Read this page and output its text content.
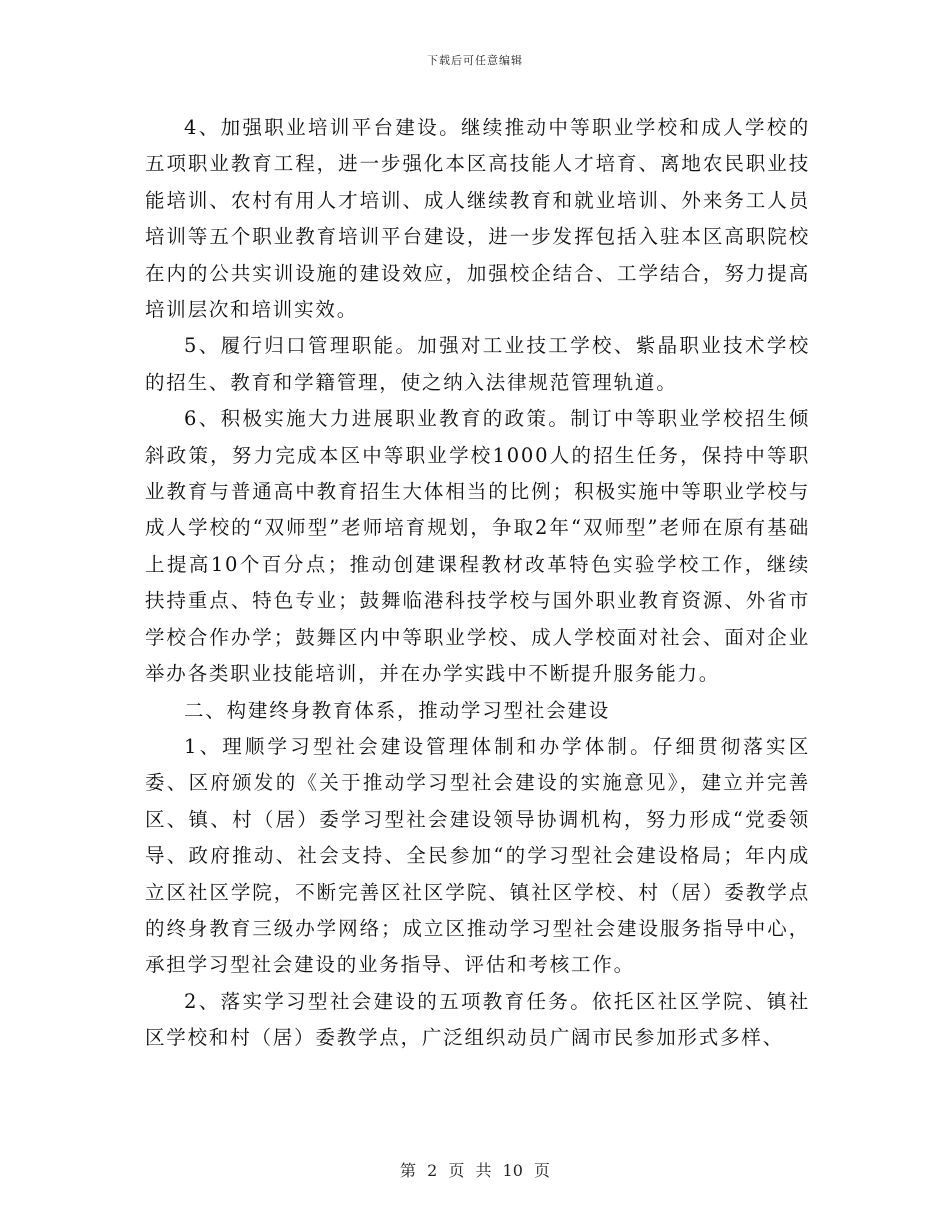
下载后可任意编辑

4、加强职业培训平台建设。继续推动中等职业学校和成人学校的五项职业教育工程，进一步强化本区高技能人才培育、离地农民职业技能培训、农村有用人才培训、成人继续教育和就业培训、外来务工人员培训等五个职业教育培训平台建设，进一步发挥包括入驻本区高职院校在内的公共实训设施的建设效应，加强校企结合、工学结合，努力提高培训层次和培训实效。

5、履行归口管理职能。加强对工业技工学校、紫晶职业技术学校的招生、教育和学籍管理，使之纳入法律规范管理轨道。

6、积极实施大力进展职业教育的政策。制订中等职业学校招生倾斜政策，努力完成本区中等职业学校1000人的招生任务，保持中等职业教育与普通高中教育招生大体相当的比例；积极实施中等职业学校与成人学校的“双师型”老师培育规划，争取2年“双师型”老师在原有基础上提高10个百分点；推动创建课程教材改革特色实验学校工作，继续扶持重点、特色专业；鼓舞临港科技学校与国外职业教育资源、外省市学校合作办学；鼓舞区内中等职业学校、成人学校面对社会、面对企业举办各类职业技能培训，并在办学实践中不断提升服务能力。

二、构建终身教育体系，推动学习型社会建设

1、理顺学习型社会建设管理体制和办学体制。仔细贯彻落实区委、区府颁发的《关于推动学习型社会建设的实施意见》，建立并完善区、镇、村（居）委学习型社会建设领导协调机构，努力形成“党委领导、政府推动、社会支持、全民参加“的学习型社会建设格局；年内成立区社区学院，不断完善区社区学院、镇社区学校、村（居）委教学点的终身教育三级办学网络；成立区推动学习型社会建设服务指导中心，承担学习型社会建设的业务指导、评估和考核工作。

2、落实学习型社会建设的五项教育任务。依托区社区学院、镇社区学校和村（居）委教学点，广泛组织动员广阔市民参加形式多样、

第 2 页 共 10 页
